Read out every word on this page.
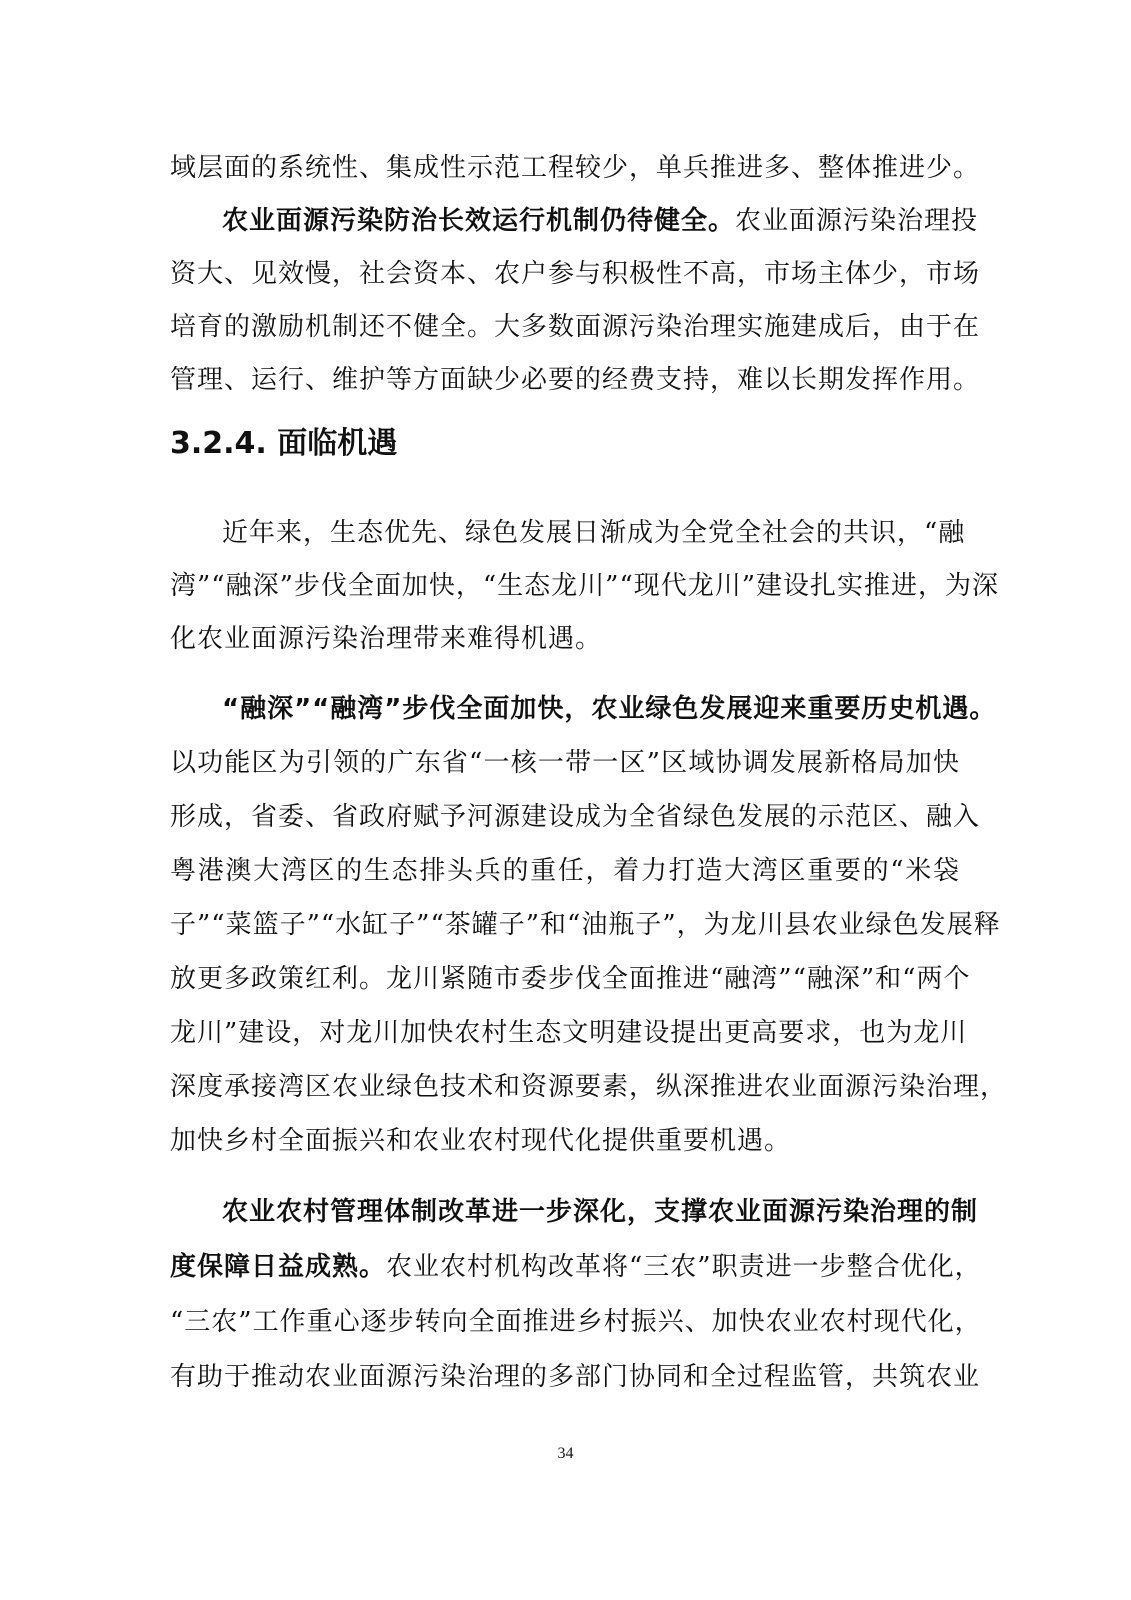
域层面的系统性、集成性示范工程较少，单兵推进多、整体推进少。
农业面源污染防治长效运行机制仍待健全。农业面源污染治理投
资大、见效慢，社会资本、农户参与积极性不高，市场主体少，市场
培育的激励机制还不健全。大多数面源污染治理实施建成后，由于在
管理、运行、维护等方面缺少必要的经费支持，难以长期发挥作用。
3.2.4. 面临机遇
近年来，生态优先、绿色发展日渐成为全党全社会的共识，“融
湾”“融深”步伐全面加快，“生态龙川”“现代龙川”建设扎实推进，为深
化农业面源污染治理带来难得机遇。
“融深”“融湾”步伐全面加快，农业绿色发展迎来重要历史机遇。
以功能区为引领的广东省“一核一带一区”区域协调发展新格局加快
形成，省委、省政府赋予河源建设成为全省绿色发展的示范区、融入
粤港澳大湾区的生态排头兵的重任，着力打造大湾区重要的“米袋
子”“菜篮子”“水缸子”“茶罐子”和“油瓶子”，为龙川县农业绿色发展释
放更多政策红利。龙川紧随市委步伐全面推进“融湾”“融深”和“两个
龙川”建设，对龙川加快农村生态文明建设提出更高要求，也为龙川
深度承接湾区农业绿色技术和资源要素，纵深推进农业面源污染治理，
加快乡村全面振兴和农业农村现代化提供重要机遇。
农业农村管理体制改革进一步深化，支撑农业面源污染治理的制
度保障日益成熟。农业农村机构改革将“三农”职责进一步整合优化，
“三农”工作重心逐步转向全面推进乡村振兴、加快农业农村现代化，
有助于推动农业面源污染治理的多部门协同和全过程监管，共筑农业
34
